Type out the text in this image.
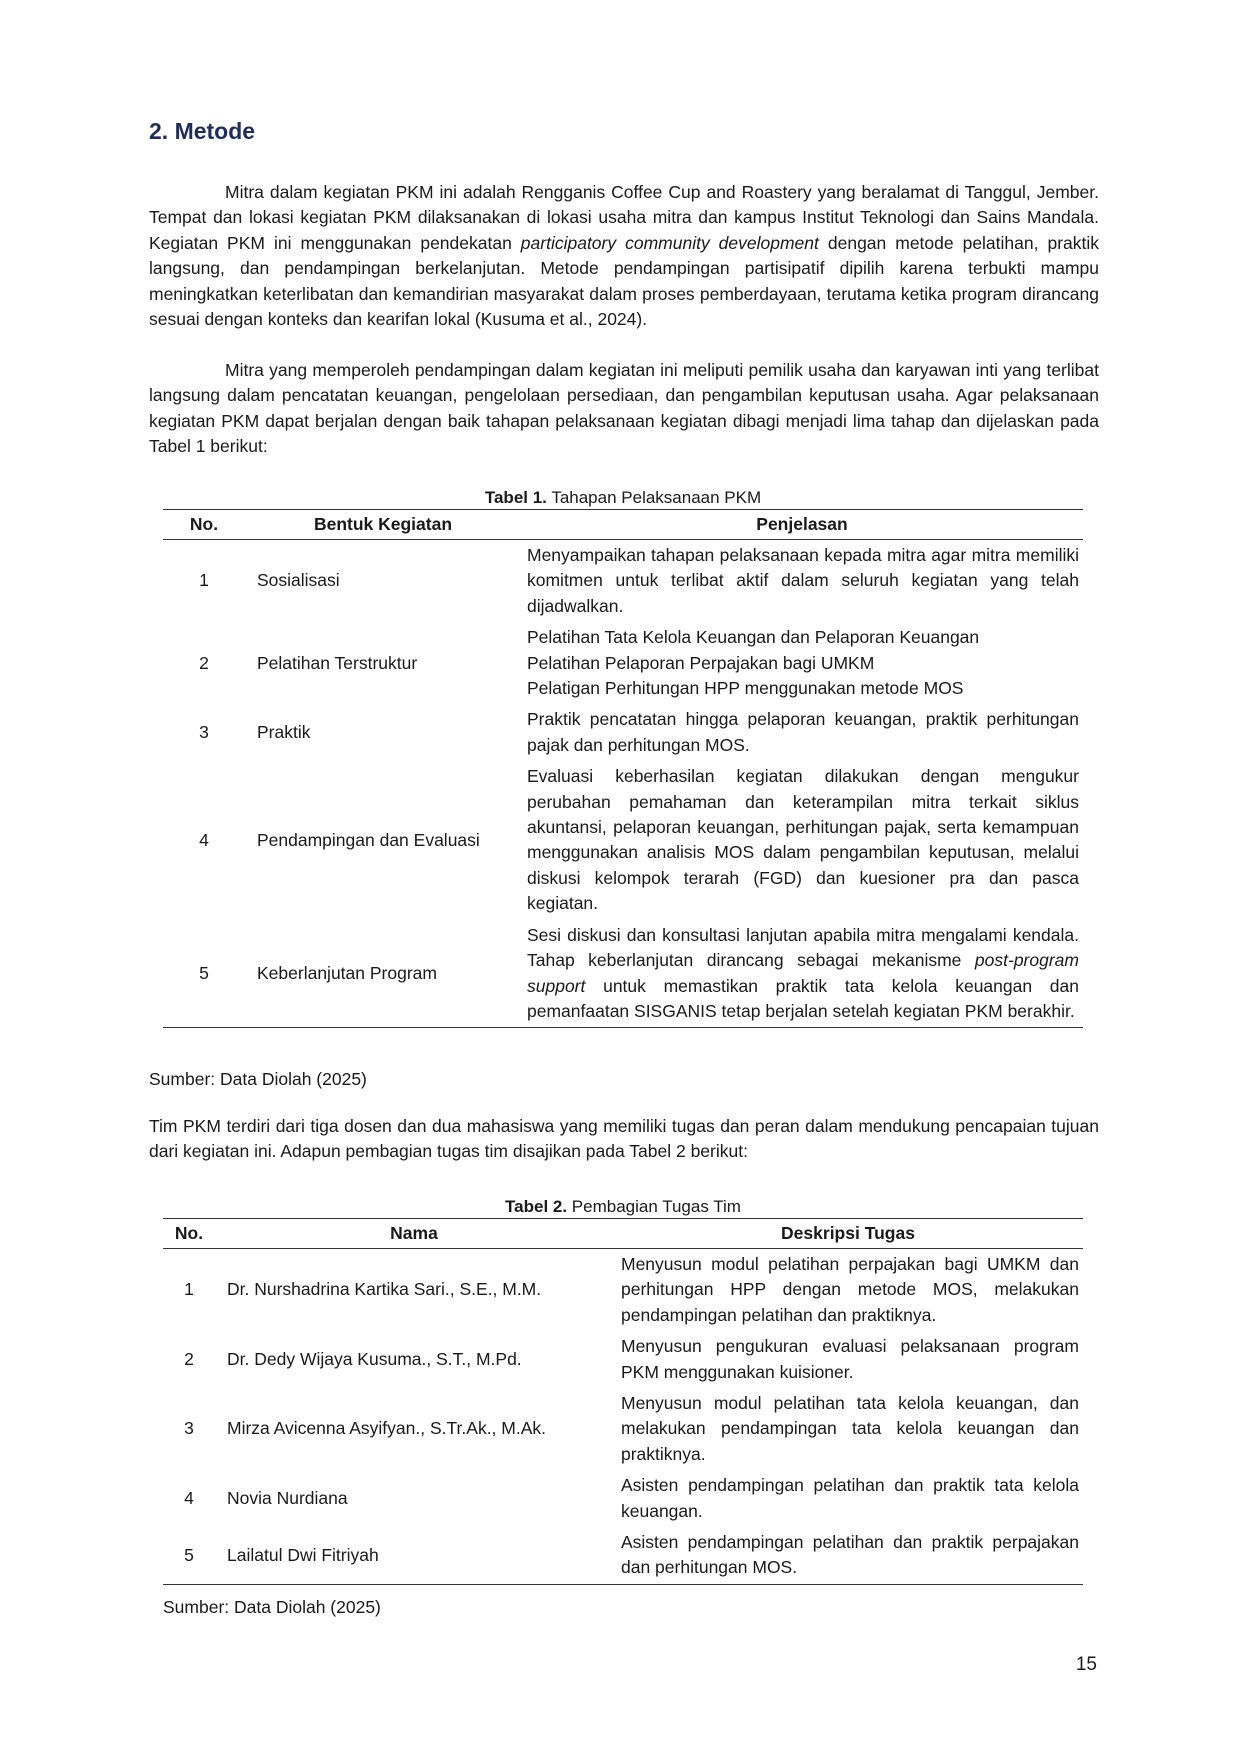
2. Metode

Mitra dalam kegiatan PKM ini adalah Rengganis Coffee Cup and Roastery yang beralamat di Tanggul, Jember. Tempat dan lokasi kegiatan PKM dilaksanakan di lokasi usaha mitra dan kampus Institut Teknologi dan Sains Mandala. Kegiatan PKM ini menggunakan pendekatan participatory community development dengan metode pelatihan, praktik langsung, dan pendampingan berkelanjutan. Metode pendampingan partisipatif dipilih karena terbukti mampu meningkatkan keterlibatan dan kemandirian masyarakat dalam proses pemberdayaan, terutama ketika program dirancang sesuai dengan konteks dan kearifan lokal (Kusuma et al., 2024).

Mitra yang memperoleh pendampingan dalam kegiatan ini meliputi pemilik usaha dan karyawan inti yang terlibat langsung dalam pencatatan keuangan, pengelolaan persediaan, dan pengambilan keputusan usaha. Agar pelaksanaan kegiatan PKM dapat berjalan dengan baik tahapan pelaksanaan kegiatan dibagi menjadi lima tahap dan dijelaskan pada Tabel 1 berikut:

Tabel 1. Tahapan Pelaksanaan PKM
No.	Bentuk Kegiatan	Penjelasan
1	Sosialisasi	Menyampaikan tahapan pelaksanaan kepada mitra agar mitra memiliki komitmen untuk terlibat aktif dalam seluruh kegiatan yang telah dijadwalkan.
2	Pelatihan Terstruktur	Pelatihan Tata Kelola Keuangan dan Pelaporan Keuangan
Pelatihan Pelaporan Perpajakan bagi UMKM
Pelatigan Perhitungan HPP menggunakan metode MOS

3	Praktik	Praktik pencatatan hingga pelaporan keuangan, praktik perhitungan pajak dan perhitungan MOS.
4	Pendampingan dan Evaluasi	Evaluasi keberhasilan kegiatan dilakukan dengan mengukur perubahan pemahaman dan keterampilan mitra terkait siklus akuntansi, pelaporan keuangan, perhitungan pajak, serta kemampuan menggunakan analisis MOS dalam pengambilan keputusan, melalui diskusi kelompok terarah (FGD) dan kuesioner pra dan pasca kegiatan.
5	Keberlanjutan Program	Sesi diskusi dan konsultasi lanjutan apabila mitra mengalami kendala. Tahap keberlanjutan dirancang sebagai mekanisme post-program support untuk memastikan praktik tata kelola keuangan dan pemanfaatan SISGANIS tetap berjalan setelah kegiatan PKM berakhir.
Sumber: Data Diolah (2025)

Tim PKM terdiri dari tiga dosen dan dua mahasiswa yang memiliki tugas dan peran dalam mendukung pencapaian tujuan dari kegiatan ini. Adapun pembagian tugas tim disajikan pada Tabel 2 berikut:

Tabel 2. Pembagian Tugas Tim
No.	Nama	Deskripsi Tugas
1	Dr. Nurshadrina Kartika Sari., S.E., M.M.	Menyusun modul pelatihan perpajakan bagi UMKM dan perhitungan HPP dengan metode MOS, melakukan pendampingan pelatihan dan praktiknya.
2	Dr. Dedy Wijaya Kusuma., S.T., M.Pd.	Menyusun pengukuran evaluasi pelaksanaan program PKM menggunakan kuisioner.
3	Mirza Avicenna Asyifyan., S.Tr.Ak., M.Ak.	Menyusun modul pelatihan tata kelola keuangan, dan melakukan pendampingan tata kelola keuangan dan praktiknya.
4	Novia Nurdiana	Asisten pendampingan pelatihan dan praktik tata kelola keuangan.
5	Lailatul Dwi Fitriyah	Asisten pendampingan pelatihan dan praktik perpajakan dan perhitungan MOS.
Sumber: Data Diolah (2025)
15
